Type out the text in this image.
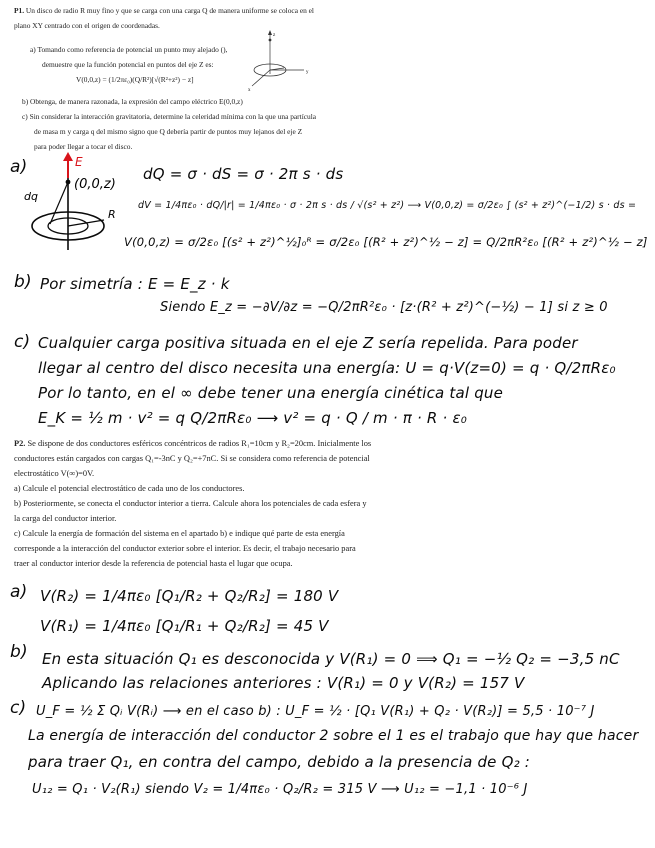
P1. Un disco de radio R muy fino y que se carga con una carga Q de manera uniforme se coloca en el
plano XY centrado con el origen de coordenadas.
a) Tomando como referencia de potencial un punto muy alejado (),
demuestre que la función potencial en puntos del eje Z es:
V(0,0,z) = (1/2πε₀)(Q/R²)[√(R²+z²) − z]
y
x
z
b) Obtenga, de manera razonada, la expresión del campo eléctrico E(0,0,z)
c) Sin considerar la interacción gravitatoria, determine la celeridad mínima con la que una partícula
de masa m y carga q del mismo signo que Q debería partir de puntos muy lejanos del eje Z
para poder llegar a tocar el disco.
a)	E
(0,0,z)
dq
R
dQ = σ · dS = σ · 2π s · ds
dV = 1/4πε₀ · dQ/|r| = 1/4πε₀ · σ · 2π s · ds / √(s² + z²) ⟶ V(0,0,z) = σ/2ε₀ ∫ (s² + z²)^(−1/2) s · ds =
V(0,0,z) = σ/2ε₀ [(s² + z²)^½]₀ᴿ = σ/2ε₀ [(R² + z²)^½ − z] = Q/2πR²ε₀ [(R² + z²)^½ − z]
b) Por simetría : E = E_z · k
Siendo E_z = −∂V/∂z = −Q/2πR²ε₀ · [z·(R² + z²)^(−½) − 1] si z ≥ 0
c) Cualquier carga positiva situada en el eje Z sería repelida. Para poder
llegar al centro del disco necesita una energía: U = q·V(z=0) = q · Q/2πRε₀
Por lo tanto, en el ∞ debe tener una energía cinética tal que
E_K = ½ m · v² = q Q/2πRε₀ ⟶ v² = q · Q / m · π · R · ε₀
P2. Se dispone de dos conductores esféricos concéntricos de radios R₁=10cm y R₂=20cm. Inicialmente los
conductores están cargados con cargas Q₁=-3nC y Q₂=+7nC. Si se considera como referencia de potencial
electrostático V(∞)=0V.
a) Calcule el potencial electrostático de cada uno de los conductores.
b) Posteriormente, se conecta el conductor interior a tierra. Calcule ahora los potenciales de cada esfera y
la carga del conductor interior.
c) Calcule la energía de formación del sistema en el apartado b) e indique qué parte de esta energía
corresponde a la interacción del conductor exterior sobre el interior. Es decir, el trabajo necesario para
traer al conductor interior desde la referencia de potencial hasta el lugar que ocupa.
a) V(R₂) = 1/4πε₀ [Q₁/R₂ + Q₂/R₂] = 180 V
V(R₁) = 1/4πε₀ [Q₁/R₁ + Q₂/R₂] = 45 V
b) En esta situación Q₁ es desconocida y V(R₁) = 0 ⟹ Q₁ = −½ Q₂ = −3,5 nC
Aplicando las relaciones anteriores : V(R₁) = 0 y V(R₂) = 157 V
c) U_F = ½ Σ Qᵢ V(Rᵢ) ⟶ en el caso b) : U_F = ½ · [Q₁ V(R₁) + Q₂ · V(R₂)] = 5,5 · 10⁻⁷ J
La energía de interacción del conductor 2 sobre el 1 es el trabajo que hay que hacer
para traer Q₁, en contra del campo, debido a la presencia de Q₂ :
U₁₂ = Q₁ · V₂(R₁) siendo V₂ = 1/4πε₀ · Q₂/R₂ = 315 V ⟶ U₁₂ = −1,1 · 10⁻⁶ J
